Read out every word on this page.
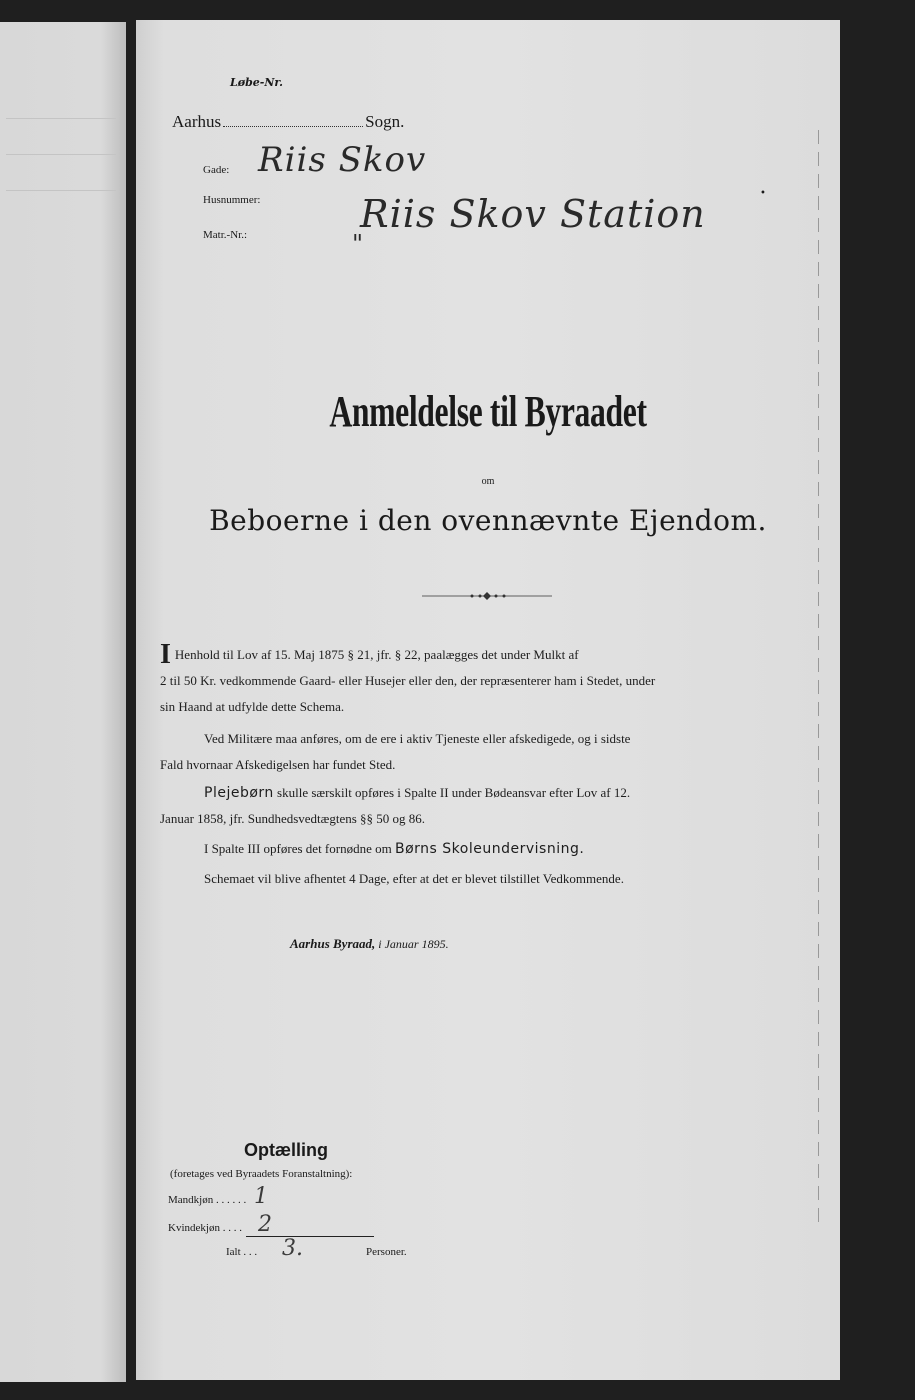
Løbe-Nr.
Aarhus	Sogn.
Gade:
Husnummer:
Matr.-Nr.:
Riis Skov
Riis Skov Station
"
•
Anmeldelse til Byraadet
om
Beboerne i den ovennævnte Ejendom.
I Henhold til Lov af 15. Maj 1875 § 21, jfr. § 22, paalægges det under Mulkt af
2 til 50 Kr. vedkommende Gaard- eller Husejer eller den, der repræsenterer ham i Stedet, under
sin Haand at udfylde dette Schema.
Ved Militære maa anføres, om de ere i aktiv Tjeneste eller afskedigede, og i sidste
Fald hvornaar Afskedigelsen har fundet Sted.
Plejebørn skulle særskilt opføres i Spalte II under Bødeansvar efter Lov af 12.
Januar 1858, jfr. Sundhedsvedtægtens §§ 50 og 86.
I Spalte III opføres det fornødne om Børns Skoleundervisning.
Schemaet vil blive afhentet 4 Dage, efter at det er blevet tilstillet Vedkommende.
Aarhus Byraad, i Januar 1895.
Optælling
(foretages ved Byraadets Foranstaltning):
Mandkjøn . . . . . .
Kvindekjøn . . . .
Ialt . . .	Personer.
1
2
3.
